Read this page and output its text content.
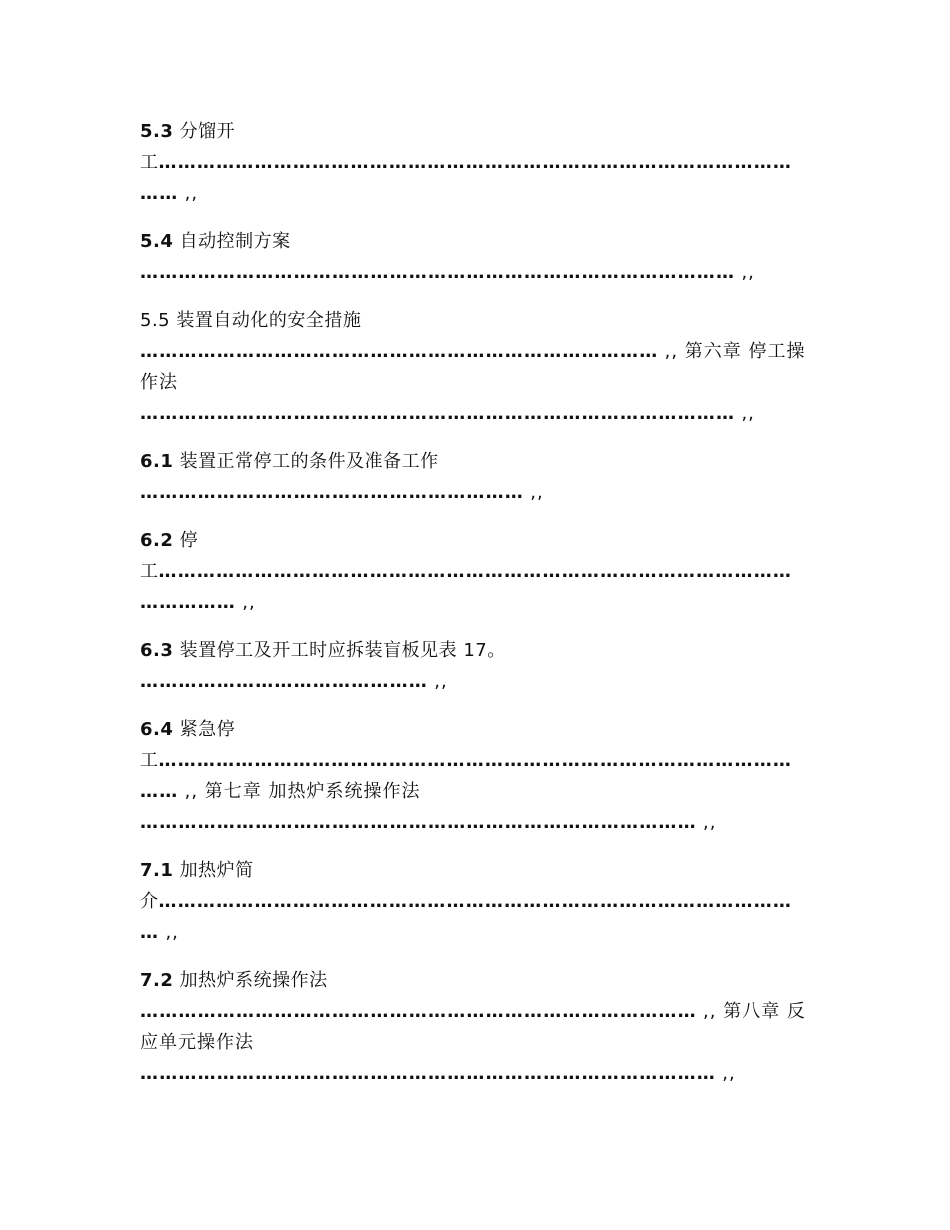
5.3 分馏开工…………………………………………………………………………………………… ,,

5.4 自动控制方案
………………………………………………………………………………… ,,

5.5 装置自动化的安全措施
……………………………………………………………………… ,, 第六章 停工操作法

………………………………………………………………………………… ,,

6.1 装置正常停工的条件及准备工作
…………………………………………………… ,,

6.2 停工…………………………………………………………………………………………………… ,,

6.3 装置停工及开工时应拆装盲板见表 17。
……………………………………… ,,

6.4 紧急停工…………………………………………………………………………………………… ,, 第七章 加热炉系统操作法

…………………………………………………………………………… ,,

7.1 加热炉简介………………………………………………………………………………………… ,,

7.2 加热炉系统操作法
…………………………………………………………………………… ,, 第八章 反应单元操作法

……………………………………………………………………………… ,,
